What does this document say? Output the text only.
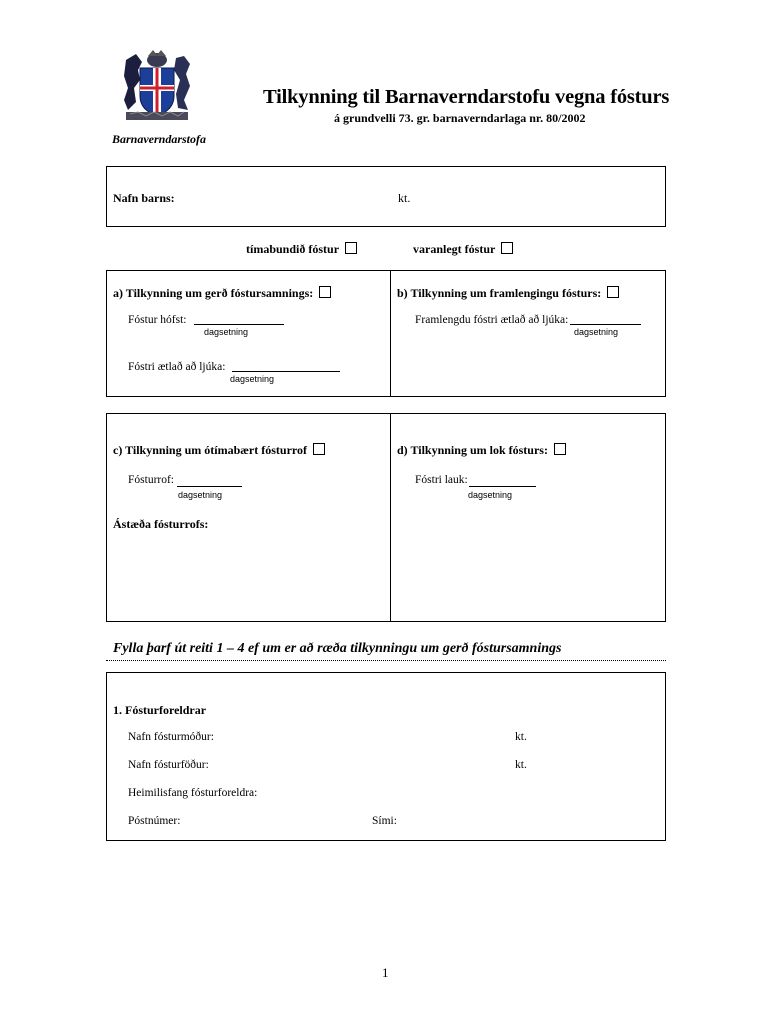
Tilkynning til Barnaverndarstofu vegna fósturs
á grundvelli 73. gr. barnaverndarlaga nr. 80/2002
Barnaverndarstofa
Nafn barns:	kt.
tímabundið fóstur	varanlegt fóstur
a) Tilkynning um gerð fóstursamnings:
Fóstur hófst:
dagsetning
Fóstri ætlað að ljúka:
dagsetning
b) Tilkynning um framlengingu fósturs:
Framlengdu fóstri ætlað að ljúka:
dagsetning
c) Tilkynning um ótímabært fósturrof
Fósturrof:
dagsetning
Ástæða fósturrofs:
d) Tilkynning um lok fósturs:
Fóstri lauk:
dagsetning
Fylla þarf út reiti 1 – 4 ef um er að ræða tilkynningu um gerð fóstursamnings
1. Fósturforeldrar
Nafn fósturmóður:	kt.
Nafn fósturföður:	kt.
Heimilisfang fósturforeldra:
Póstnúmer:	Sími:
1
